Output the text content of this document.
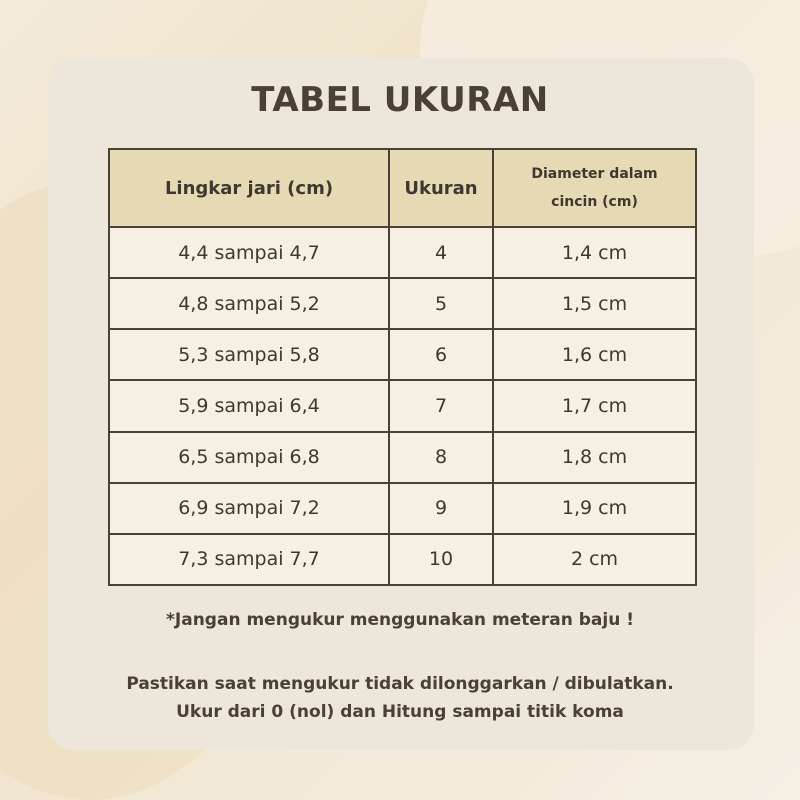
TABEL UKURAN
Lingkar jari (cm)	Ukuran	Diameter dalam
cincin (cm)
4,4 sampai 4,7	4	1,4 cm
4,8 sampai 5,2	5	1,5 cm
5,3 sampai 5,8	6	1,6 cm
5,9 sampai 6,4	7	1,7 cm
6,5 sampai 6,8	8	1,8 cm
6,9 sampai 7,2	9	1,9 cm
7,3 sampai 7,7	10	2 cm
*Jangan mengukur menggunakan meteran baju !
Pastikan saat mengukur tidak dilonggarkan / dibulatkan.
Ukur dari 0 (nol) dan Hitung sampai titik koma
